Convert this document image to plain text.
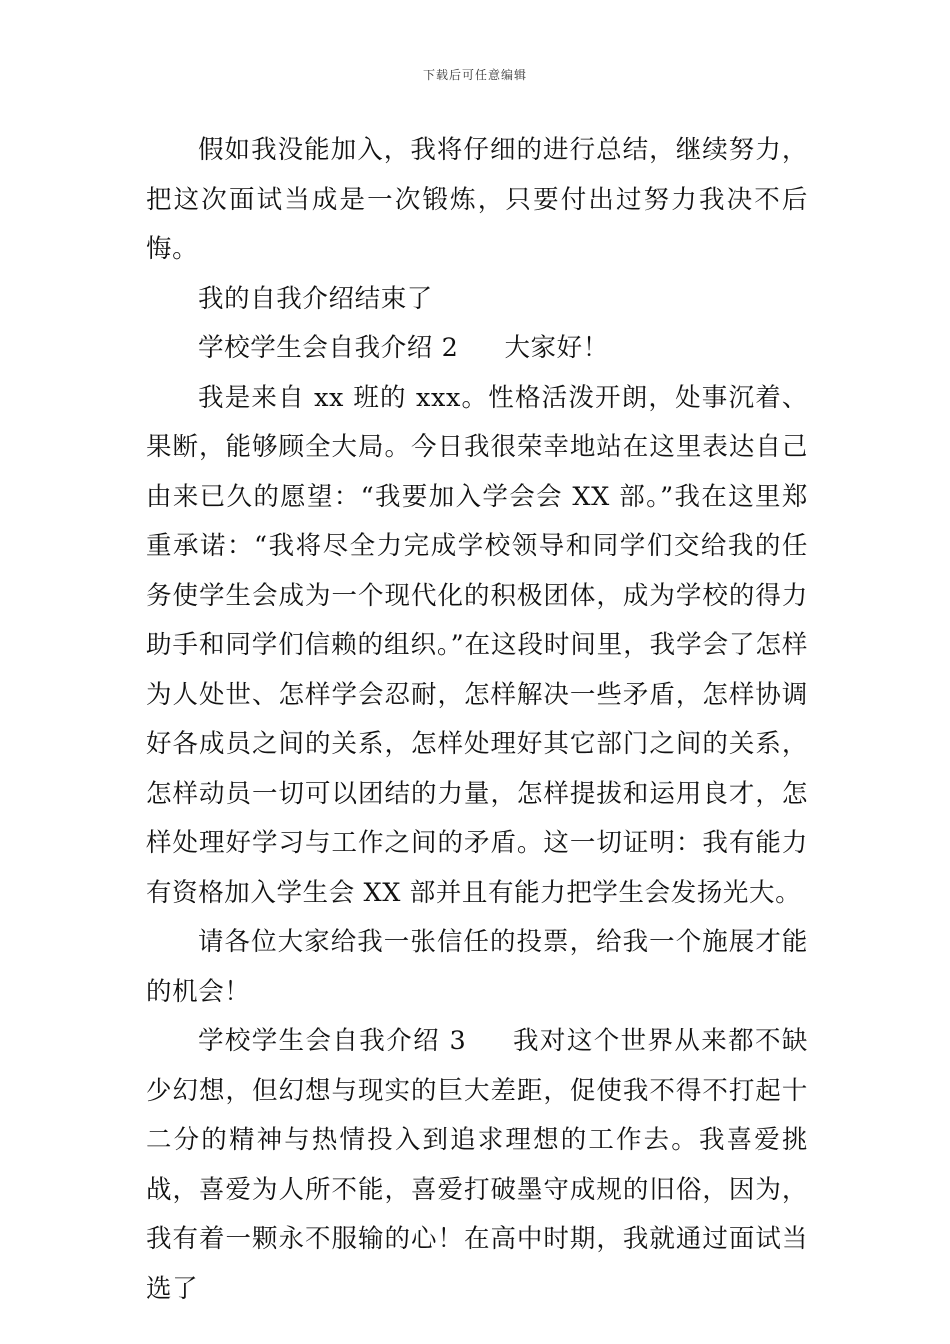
下载后可任意编辑

假如我没能加入，我将仔细的进行总结，继续努力，把这次面试当成是一次锻炼，只要付出过努力我决不后悔。

我的自我介绍结束了

学校学生会自我介绍 2 大家好！

我是来自 xx 班的 xxx。性格活泼开朗，处事沉着、果断，能够顾全大局。今日我很荣幸地站在这里表达自己由来已久的愿望：“我要加入学会会 XX 部。”我在这里郑重承诺：“我将尽全力完成学校领导和同学们交给我的任务使学生会成为一个现代化的积极团体，成为学校的得力助手和同学们信赖的组织。”在这段时间里，我学会了怎样为人处世、怎样学会忍耐，怎样解决一些矛盾，怎样协调好各成员之间的关系，怎样处理好其它部门之间的关系，怎样动员一切可以团结的力量，怎样提拔和运用良才，怎样处理好学习与工作之间的矛盾。这一切证明：我有能力有资格加入学生会 XX 部并且有能力把学生会发扬光大。

请各位大家给我一张信任的投票，给我一个施展才能的机会！

学校学生会自我介绍 3 我对这个世界从来都不缺少幻想，但幻想与现实的巨大差距，促使我不得不打起十二分的精神与热情投入到追求理想的工作去。我喜爱挑战，喜爱为人所不能，喜爱打破墨守成规的旧俗，因为，我有着一颗永不服输的心！在高中时期，我就通过面试当选了
